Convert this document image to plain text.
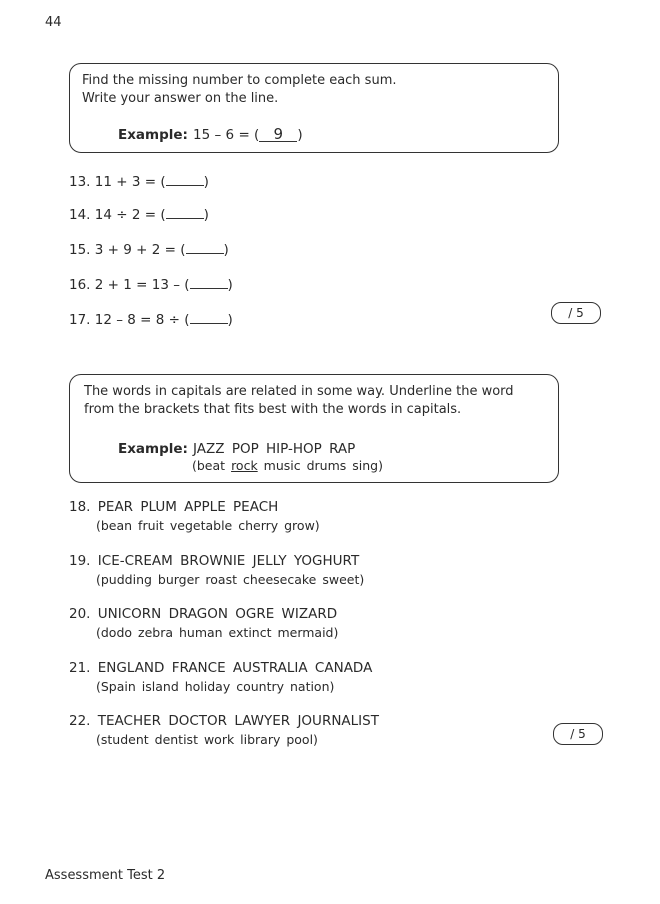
44
Find the missing number to complete each sum.
Write your answer on the line.
Example: 15 – 6 = ( 9 )
13. 11 + 3 = (	)
14. 14 ÷ 2 = (	)
15. 3 + 9 + 2 = (	)
16. 2 + 1 = 13 – (	)
17. 12 – 8 = 8 ÷ (	)	/ 5
The words in capitals are related in some way. Underline the word
from the brackets that fits best with the words in capitals.
Example: JAZZ POP HIP-HOP RAP
(beat rock music drums sing)
18. PEAR PLUM APPLE PEACH
(bean fruit vegetable cherry grow)
19. ICE-CREAM BROWNIE JELLY YOGHURT
(pudding burger roast cheesecake sweet)
20. UNICORN DRAGON OGRE WIZARD
(dodo zebra human extinct mermaid)
21. ENGLAND FRANCE AUSTRALIA CANADA
(Spain island holiday country nation)
22. TEACHER DOCTOR LAWYER JOURNALIST
(student dentist work library pool)	/ 5
Assessment Test 2
